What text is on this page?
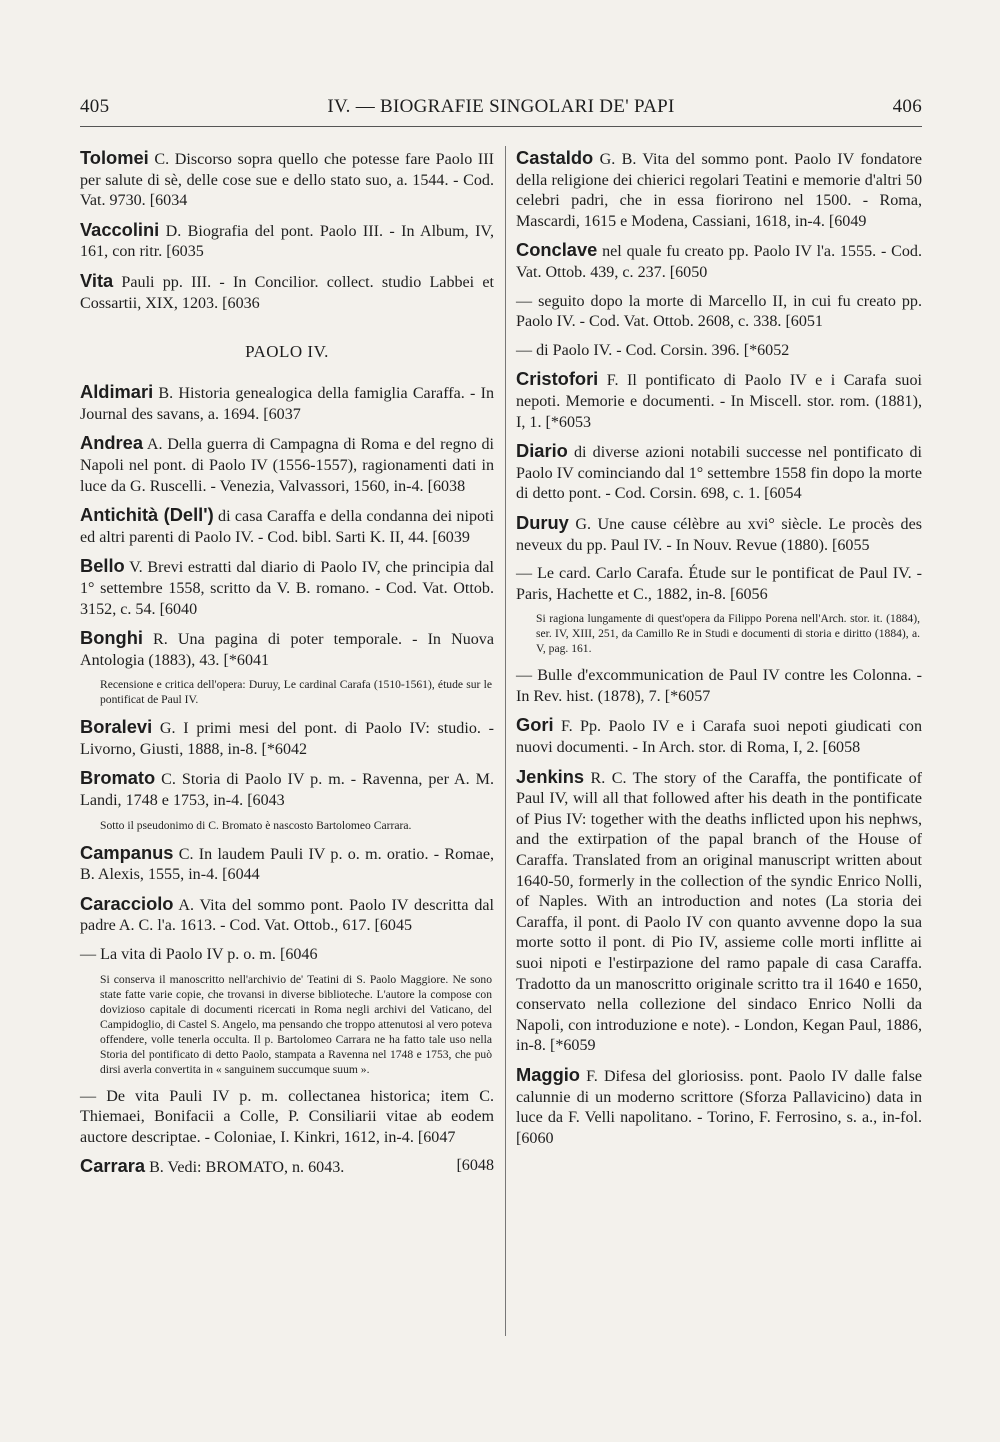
405	IV. — BIOGRAFIE SINGOLARI DE' PAPI	406
Tolomei C. Discorso sopra quello che potesse fare Paolo III per salute di sè, delle cose sue e dello stato suo, a. 1544. - Cod. Vat. 9730. [6034
Vaccolini D. Biografia del pont. Paolo III. - In Album, IV, 161, con ritr. [6035
Vita Pauli pp. III. - In Concilior. collect. studio Labbei et Cossartii, XIX, 1203. [6036
PAOLO IV.
Aldimari B. Historia genealogica della famiglia Caraffa. - In Journal des savans, a. 1694. [6037
Andrea A. Della guerra di Campagna di Roma e del regno di Napoli nel pont. di Paolo IV (1556-1557), ragionamenti dati in luce da G. Ruscelli. - Venezia, Valvassori, 1560, in-4. [6038
Antichità (Dell') di casa Caraffa e della condanna dei nipoti ed altri parenti di Paolo IV. - Cod. bibl. Sarti K. II, 44. [6039
Bello V. Brevi estratti dal diario di Paolo IV, che principia dal 1° settembre 1558, scritto da V. B. romano. - Cod. Vat. Ottob. 3152, c. 54. [6040
Bonghi R. Una pagina di poter temporale. - In Nuova Antologia (1883), 43. [*6041
Recensione e critica dell'opera: Duruy, Le cardinal Carafa (1510-1561), étude sur le pontificat de Paul IV.
Boralevi G. I primi mesi del pont. di Paolo IV: studio. - Livorno, Giusti, 1888, in-8. [*6042
Bromato C. Storia di Paolo IV p. m. - Ravenna, per A. M. Landi, 1748 e 1753, in-4. [6043
Sotto il pseudonimo di C. Bromato è nascosto Bartolomeo Carrara.
Campanus C. In laudem Pauli IV p. o. m. oratio. - Romae, B. Alexis, 1555, in-4. [6044
Caracciolo A. Vita del sommo pont. Paolo IV descritta dal padre A. C. l'a. 1613. - Cod. Vat. Ottob., 617. [6045
— La vita di Paolo IV p. o. m. [6046
Si conserva il manoscritto nell'archivio de' Teatini di S. Paolo Maggiore. Ne sono state fatte varie copie, che trovansi in diverse biblioteche. L'autore la compose con dovizioso capitale di documenti ricercati in Roma negli archivi del Vaticano, del Campidoglio, di Castel S. Angelo, ma pensando che troppo attenutosi al vero poteva offendere, volle tenerla occulta. Il p. Bartolomeo Carrara ne ha fatto tale uso nella Storia del pontificato di detto Paolo, stampata a Ravenna nel 1748 e 1753, che può dirsi averla convertita in « sanguinem succumque suum ».
— De vita Pauli IV p. m. collectanea historica; item C. Thiemaei, Bonifacii a Colle, P. Consiliarii vitae ab eodem auctore descriptae. - Coloniae, I. Kinkri, 1612, in-4. [6047
Carrara B. Vedi: BROMATO, n. 6043.	[6048
Castaldo G. B. Vita del sommo pont. Paolo IV fondatore della religione dei chierici regolari Teatini e memorie d'altri 50 celebri padri, che in essa fiorirono nel 1500. - Roma, Mascardi, 1615 e Modena, Cassiani, 1618, in-4. [6049
Conclave nel quale fu creato pp. Paolo IV l'a. 1555. - Cod. Vat. Ottob. 439, c. 237. [6050
— seguito dopo la morte di Marcello II, in cui fu creato pp. Paolo IV. - Cod. Vat. Ottob. 2608, c. 338. [6051
— di Paolo IV. - Cod. Corsin. 396. [*6052
Cristofori F. Il pontificato di Paolo IV e i Carafa suoi nepoti. Memorie e documenti. - In Miscell. stor. rom. (1881), I, 1. [*6053
Diario di diverse azioni notabili successe nel pontificato di Paolo IV cominciando dal 1° settembre 1558 fin dopo la morte di detto pont. - Cod. Corsin. 698, c. 1. [6054
Duruy G. Une cause célèbre au xvi° siècle. Le procès des neveux du pp. Paul IV. - In Nouv. Revue (1880). [6055
— Le card. Carlo Carafa. Étude sur le pontificat de Paul IV. - Paris, Hachette et C., 1882, in-8. [6056
Si ragiona lungamente di quest'opera da Filippo Porena nell'Arch. stor. it. (1884), ser. IV, XIII, 251, da Camillo Re in Studi e documenti di storia e diritto (1884), a. V, pag. 161.
— Bulle d'excommunication de Paul IV contre les Colonna. - In Rev. hist. (1878), 7. [*6057
Gori F. Pp. Paolo IV e i Carafa suoi nepoti giudicati con nuovi documenti. - In Arch. stor. di Roma, I, 2. [6058
Jenkins R. C. The story of the Caraffa, the pontificate of Paul IV, will all that followed after his death in the pontificate of Pius IV: together with the deaths inflicted upon his nephws, and the extirpation of the papal branch of the House of Caraffa. Translated from an original manuscript written about 1640-50, formerly in the collection of the syndic Enrico Nolli, of Naples. With an introduction and notes (La storia dei Caraffa, il pont. di Paolo IV con quanto avvenne dopo la sua morte sotto il pont. di Pio IV, assieme colle morti inflitte ai suoi nipoti e l'estirpazione del ramo papale di casa Caraffa. Tradotto da un manoscritto originale scritto tra il 1640 e 1650, conservato nella collezione del sindaco Enrico Nolli da Napoli, con introduzione e note). - London, Kegan Paul, 1886, in-8. [*6059
Maggio F. Difesa del gloriosiss. pont. Paolo IV dalle false calunnie di un moderno scrittore (Sforza Pallavicino) data in luce da F. Velli napolitano. - Torino, F. Ferrosino, s. a., in-fol. [6060
